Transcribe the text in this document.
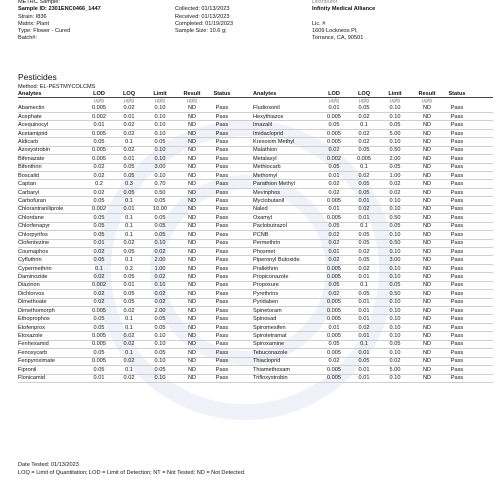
METRC Sample:
Sample ID: 2301ENC0466_1447
Strain: I836
Matrix: Plant
Type: Flower - Cured
Batch#:
Collected: 01/13/2023
Received: 01/13/2023
Completed: 01/19/2023
Sample Size: 10.6 g;
Distributor
Infinity Medical Alliance
Lic. #
1609 Lockness Pl,
Torrance, CA, 90501
Pesticides
Method: EL-PESTMYCOLCMS
Analytes	LOD	LOQ	Limit	Result	Status
μg/g	μg/g	μg/g	μg/g
Abamectin	0.005	0.02	0.10	ND	Pass
Acephate	0.002	0.01	0.10	ND	Pass
Acequinocyl	0.01	0.02	0.10	ND	Pass
Acetamiprid	0.005	0.02	0.10	ND	Pass
Aldicarb	0.05	0.1	0.05	ND	Pass
Azoxystrobin	0.005	0.02	0.10	ND	Pass
Bifenazate	0.005	0.01	0.10	ND	Pass
Bifenthrin	0.02	0.05	3.00	ND	Pass
Boscalid	0.02	0.05	0.10	ND	Pass
Captan	0.2	0.3	0.70	ND	Pass
Carbaryl	0.02	0.05	0.50	ND	Pass
Carbofuran	0.05	0.1	0.05	ND	Pass
Chlorantraniliprole	0.002	0.01	10.00	ND	Pass
Chlordane	0.05	0.1	0.05	ND	Pass
Chlorfenapyr	0.05	0.1	0.05	ND	Pass
Chlorpyrifos	0.05	0.1	0.05	ND	Pass
Clofentezine	0.01	0.02	0.10	ND	Pass
Coumaphos	0.02	0.05	0.02	ND	Pass
Cyfluthrin	0.05	0.1	2.00	ND	Pass
Cypermethrin	0.1	0.2	1.00	ND	Pass
Daminozide	0.02	0.05	0.02	ND	Pass
Diazinon	0.002	0.01	0.10	ND	Pass
Dichlorvos	0.02	0.05	0.02	ND	Pass
Dimethoate	0.02	0.05	0.02	ND	Pass
Dimethomorph	0.005	0.02	2.00	ND	Pass
Ethoprophos	0.05	0.1	0.05	ND	Pass
Etofenprox	0.05	0.1	0.05	ND	Pass
Etoxazole	0.005	0.02	0.10	ND	Pass
Fenhexamid	0.005	0.02	0.10	ND	Pass
Fenoxycarb	0.05	0.1	0.05	ND	Pass
Fenpyroximate	0.005	0.02	0.10	ND	Pass
Fipronil	0.05	0.1	0.05	ND	Pass
Flonicamid	0.01	0.02	0.10	ND	Pass
Analytes	LOD	LOQ	Limit	Result	Status
μg/g	μg/g	μg/g	μg/g
Fludioxonil	0.01	0.05	0.10	ND	Pass
Hexythiazox	0.005	0.02	0.10	ND	Pass
Imazalil	0.05	0.1	0.05	ND	Pass
Imidacloprid	0.005	0.02	5.00	ND	Pass
Kresoxim Methyl	0.005	0.02	0.10	ND	Pass
Malathion	0.02	0.05	0.50	ND	Pass
Metalaxyl	0.002	0.005	2.00	ND	Pass
Methiocarb	0.05	0.1	0.05	ND	Pass
Methomyl	0.01	0.02	1.00	ND	Pass
Parathion Methyl	0.02	0.05	0.02	ND	Pass
Mevinphos	0.02	0.05	0.02	ND	Pass
Myclobutanil	0.005	0.01	0.10	ND	Pass
Naled	0.01	0.02	0.10	ND	Pass
Oxamyl	0.005	0.01	0.50	ND	Pass
Paclobutrazol	0.05	0.1	0.05	ND	Pass
PCNB	0.02	0.05	0.10	ND	Pass
Permethrin	0.02	0.05	0.50	ND	Pass
Phosmet	0.01	0.02	0.10	ND	Pass
Piperonyl Butoxide	0.02	0.05	3.00	ND	Pass
Prallethrin	0.005	0.02	0.10	ND	Pass
Propiconazole	0.005	0.01	0.10	ND	Pass
Propoxure	0.05	0.1	0.05	ND	Pass
Pyrethrins	0.02	0.05	0.50	ND	Pass
Pyridaben	0.005	0.01	0.10	ND	Pass
Spinetoram	0.005	0.01	0.10	ND	Pass
Spinosad	0.005	0.01	0.10	ND	Pass
Spiromesifen	0.01	0.02	0.10	ND	Pass
Spirotetramat	0.005	0.01	0.10	ND	Pass
Spiroxamine	0.05	0.1	0.05	ND	Pass
Tebuconazole	0.005	0.01	0.10	ND	Pass
Thiacloprid	0.02	0.05	0.02	ND	Pass
Thiamethoxam	0.005	0.01	5.00	ND	Pass
Trifloxystrobin	0.005	0.01	0.10	ND	Pass
Date Tested: 01/13/2023
LOQ = Limit of Quantitation; LOD = Limit of Detection; NT = Not Tested; ND = Not Detected.
